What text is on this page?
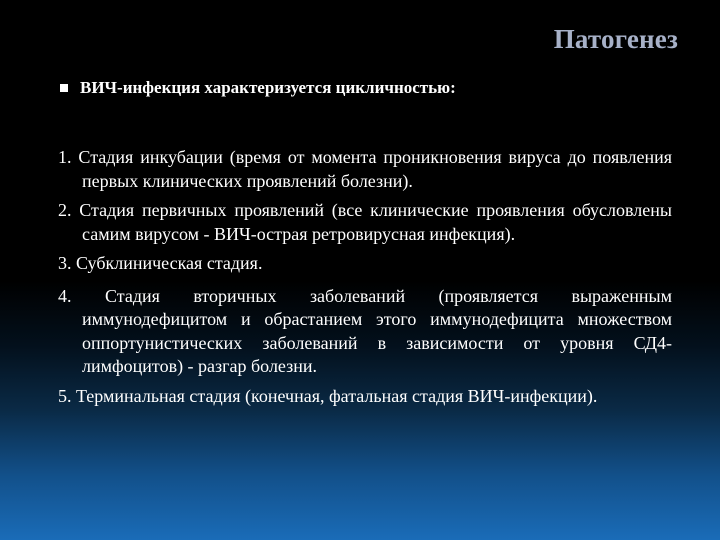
Патогенез
ВИЧ-инфекция характеризуется цикличностью:
1. Стадия инкубации (время от момента проникновения вируса до появления первых клинических проявлений болезни).
2. Стадия первичных проявлений (все клинические проявления обусловлены самим вирусом - ВИЧ-острая ретровирусная инфекция).
3. Субклиническая стадия.
4. Стадия вторичных заболеваний (проявляется выраженным иммунодефицитом и обрастанием этого иммунодефицита множеством оппортунистических заболеваний в зависимости от уровня СД4-лимфоцитов) - разгар болезни.
5. Терминальная стадия (конечная, фатальная стадия ВИЧ-инфекции).
